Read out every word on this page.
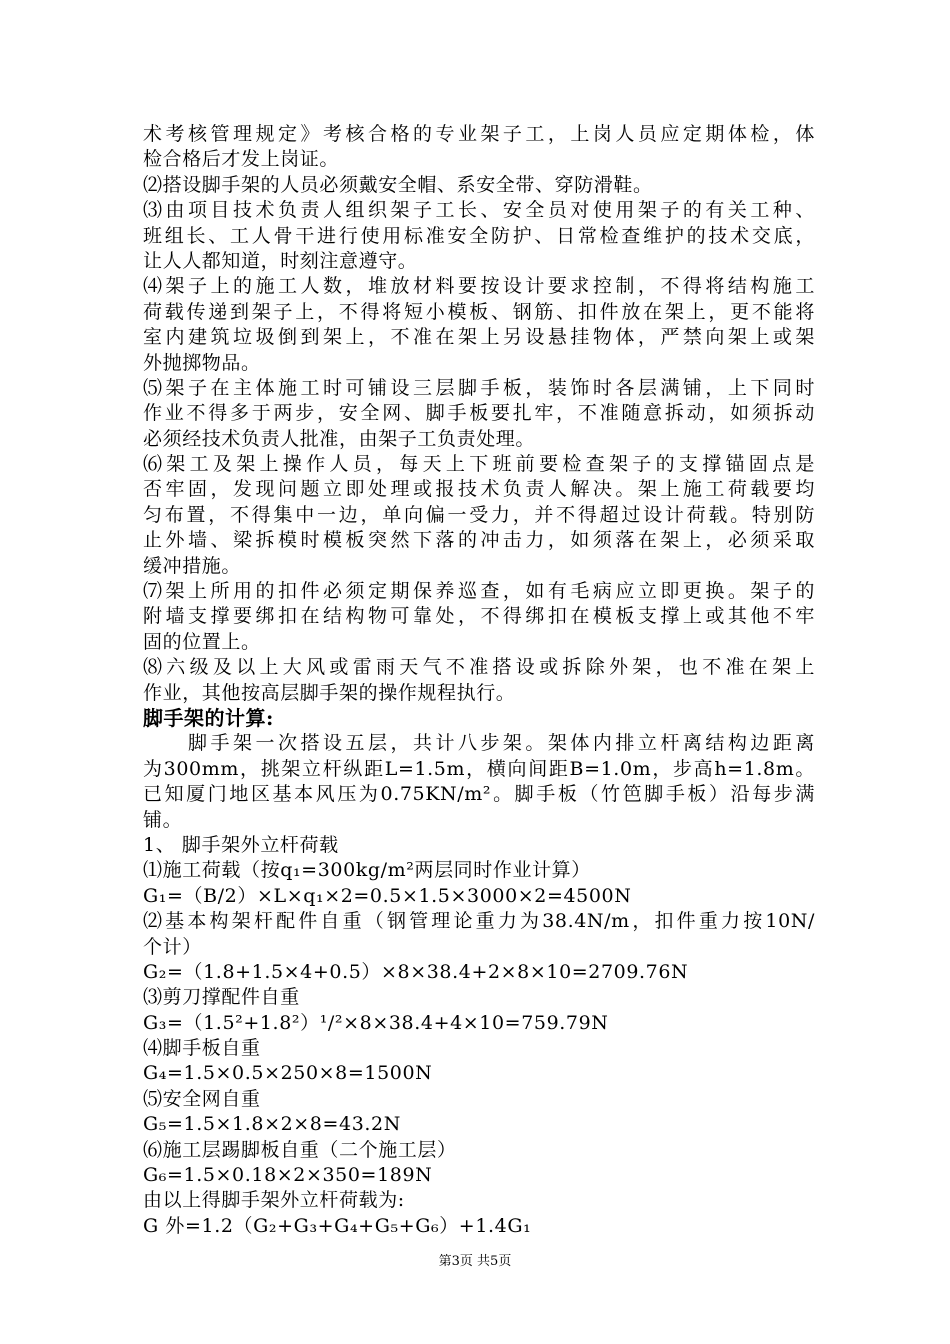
术考核管理规定》考核合格的专业架子工，上岗人员应定期体检，体
检合格后才发上岗证。
⑵搭设脚手架的人员必须戴安全帽、系安全带、穿防滑鞋。
⑶由项目技术负责人组织架子工长、安全员对使用架子的有关工种、
班组长、工人骨干进行使用标准安全防护、日常检查维护的技术交底，
让人人都知道，时刻注意遵守。
⑷架子上的施工人数，堆放材料要按设计要求控制，不得将结构施工
荷载传递到架子上，不得将短小模板、钢筋、扣件放在架上，更不能将
室内建筑垃圾倒到架上，不准在架上另设悬挂物体，严禁向架上或架
外抛掷物品。
⑸架子在主体施工时可铺设三层脚手板，装饰时各层满铺，上下同时
作业不得多于两步，安全网、脚手板要扎牢，不准随意拆动，如须拆动
必须经技术负责人批准，由架子工负责处理。
⑹架工及架上操作人员，每天上下班前要检查架子的支撑锚固点是
否牢固，发现问题立即处理或报技术负责人解决。架上施工荷载要均
匀布置，不得集中一边，单向偏一受力，并不得超过设计荷载。特别防
止外墙、梁拆模时模板突然下落的冲击力，如须落在架上，必须采取
缓冲措施。
⑺架上所用的扣件必须定期保养巡查，如有毛病应立即更换。架子的
附墙支撑要绑扣在结构物可靠处，不得绑扣在模板支撑上或其他不牢
固的位置上。
⑻六级及以上大风或雷雨天气不准搭设或拆除外架，也不准在架上
作业，其他按高层脚手架的操作规程执行。
脚手架的计算:
　　脚手架一次搭设五层，共计八步架。架体内排立杆离结构边距离
为300mm，挑架立杆纵距L=1.5m，横向间距B=1.0m，步高h=1.8m。
已知厦门地区基本风压为0.75KN/m²。脚手板（竹笆脚手板）沿每步满
铺。
1、 脚手架外立杆荷载
⑴施工荷载（按q₁=300kg/m²两层同时作业计算）
G₁=（B/2）×L×q₁×2=0.5×1.5×3000×2=4500N
⑵基本构架杆配件自重（钢管理论重力为38.4N/m，扣件重力按10N/
个计）
G₂=（1.8+1.5×4+0.5）×8×38.4+2×8×10=2709.76N
⑶剪刀撑配件自重
G₃=（1.5²+1.8²）¹/²×8×38.4+4×10=759.79N
⑷脚手板自重
G₄=1.5×0.5×250×8=1500N
⑸安全网自重
G₅=1.5×1.8×2×8=43.2N
⑹施工层踢脚板自重（二个施工层）
G₆=1.5×0.18×2×350=189N
由以上得脚手架外立杆荷载为:
G 外=1.2（G₂+G₃+G₄+G₅+G₆）+1.4G₁
第3页 共5页
